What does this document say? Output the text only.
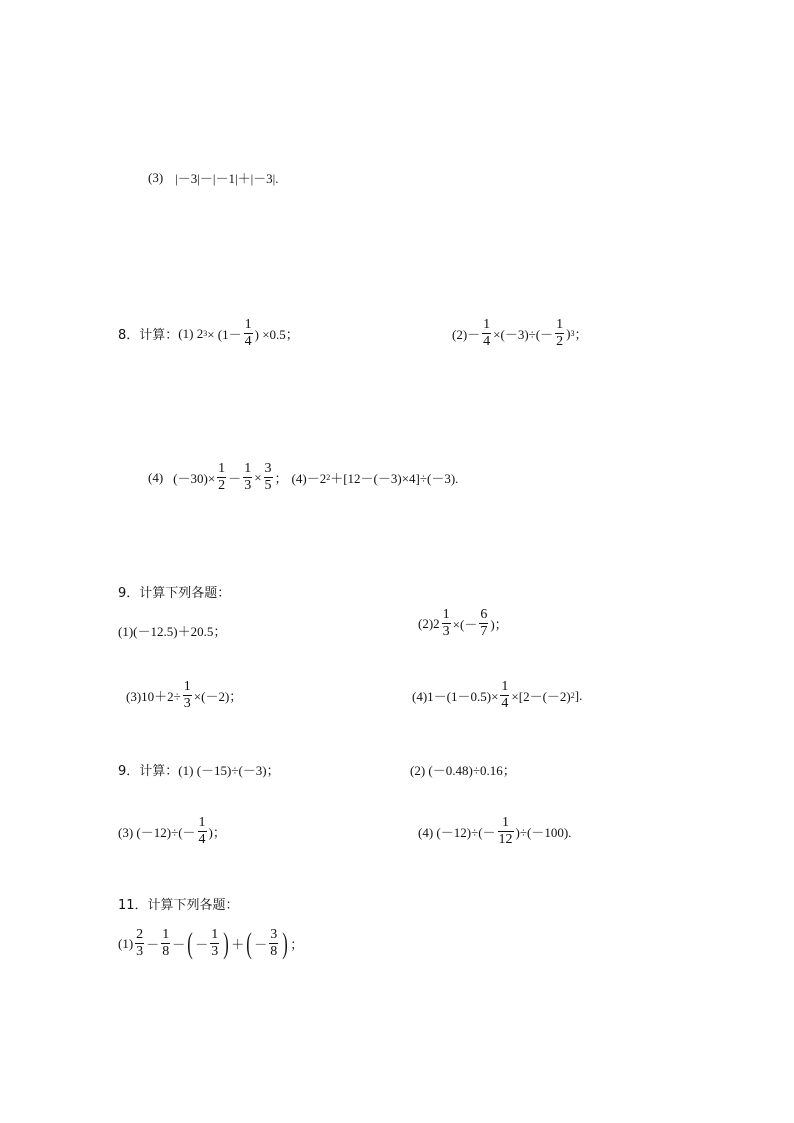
(3) |－3|－|－1|＋|－3|.
8．计算： (1) 2 $3 \times (1- \frac{1}{4}$ ) ×0.5；	$(2)- \frac{1}{4} \times(-3)\div(- \frac{1}{2}$ ) 3 ；
(4) $(-30)\times \frac{1}{2} - \frac{1}{3} \times \frac{3}{5}$ ； (4)－2 2 ＋[12－(－3)×4]÷(－3).
9．计算下列各题：
(1)(－12.5)＋20.5；
$(2)2 \frac{1}{3}$ ×(－ $\frac{6}{7}$ )；
$(3)10+2\div \frac{1}{3} \times(-2)$；	$(4)1-(1-0.5)\times \frac{1}{4} \times[2-(-2)$ 2 ].
9．计算： (1) (－15)÷(－3)；	(2) (－0.48)÷0.16；
(3) $(-12)\div(- \frac{1}{4}$ )；	(4) $(-12)\div(- \frac{1}{12} )\div(-100)$.
11．计算下列各题：
$(1) \frac{2}{3} - \frac{1}{8}$ － ( － $\frac{1}{3}$ ) ＋ ( － $\frac{3}{8}$ ) ；
